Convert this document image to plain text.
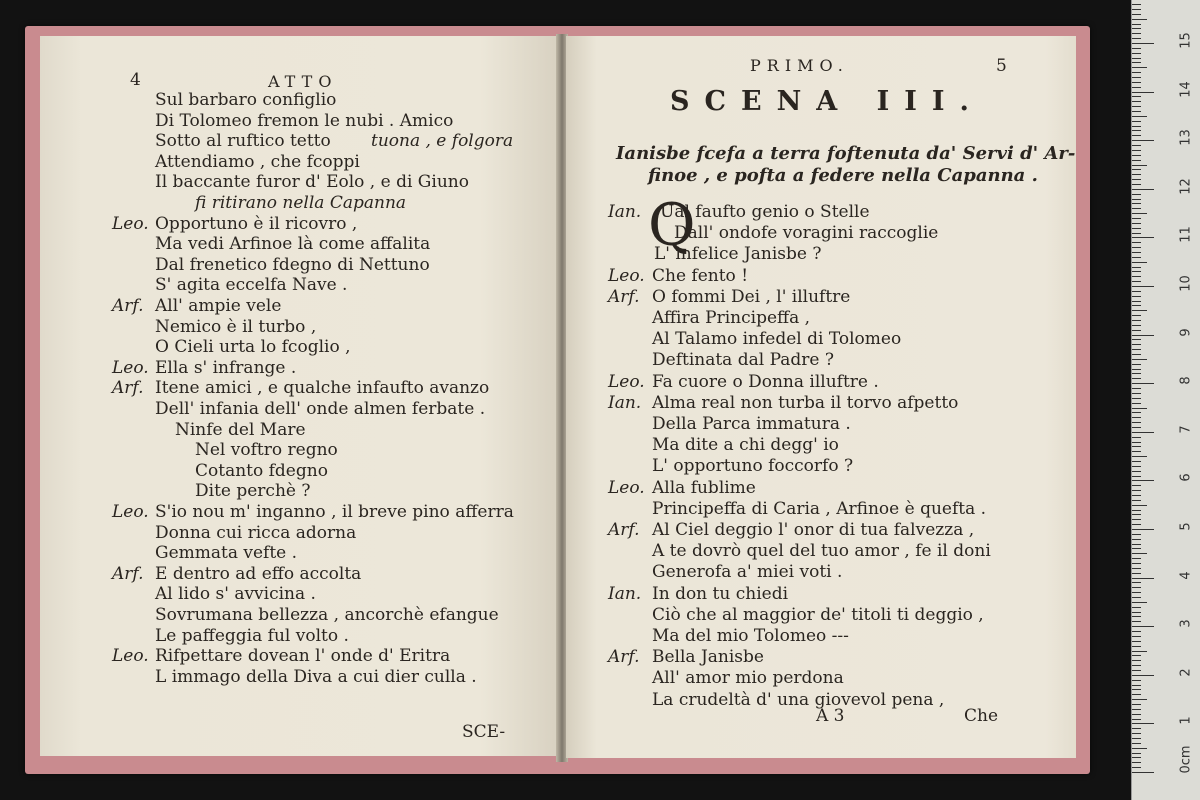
4	ATTO
Sul barbaro configlio
Di Tolomeo fremon le nubi . Amico
Sotto al ruftico tetto tuona , e folgora
Attendiamo , che fcoppi
Il baccante furor d' Eolo , e di Giuno
fi ritirano nella Capanna
Leo. Opportuno è il ricovro ,
Ma vedi Arfinoe là come affalita
Dal frenetico fdegno di Nettuno
S' agita eccelfa Nave .
Arf. All' ampie vele
Nemico è il turbo ,
O Cieli urta lo fcoglio ,
Leo. Ella s' infrange .
Arf. Itene amici , e qualche infaufto avanzo
Dell' infania dell' onde almen ferbate .
Ninfe del Mare
Nel voftro regno
Cotanto fdegno
Dite perchè ?
Leo. S'io nou m' inganno , il breve pino afferra
Donna cui ricca adorna
Gemmata vefte .
Arf. E dentro ad effo accolta
Al lido s' avvicina .
Sovrumana bellezza , ancorchè efangue
Le paffeggia ful volto .
Leo. Rifpettare dovean l' onde d' Eritra
L immago della Diva a cui dier culla .
SCE-
PRIMO.	5
SCENA III.
Ianisbe fcefa a terra foftenuta da' Servi d' Ar-
finoe , e pofta a federe nella Capanna .
Q
Ian. Ual faufto genio o Stelle
Dall' ondofe voragini raccoglie
L' infelice Janisbe ?
Leo. Che fento !
Arf. O fommi Dei , l' illuftre
Affira Principeffa ,
Al Talamo infedel di Tolomeo
Deftinata dal Padre ?
Leo. Fa cuore o Donna illuftre .
Ian. Alma real non turba il torvo afpetto
Della Parca immatura .
Ma dite a chi degg' io
L' opportuno foccorfo ?
Leo. Alla fublime
Principeffa di Caria , Arfinoe è quefta .
Arf. Al Ciel deggio l' onor di tua falvezza ,
A te dovrò quel del tuo amor , fe il doni
Generofa a' miei voti .
Ian. In don tu chiedi
Ciò che al maggior de' titoli ti deggio ,
Ma del mio Tolomeo ---
Arf. Bella Janisbe
All' amor mio perdona
La crudeltà d' una giovevol pena ,
A 3	Che
0cm
1
2
3
4
5
6
7
8
9
10
11
12
13
14
15
